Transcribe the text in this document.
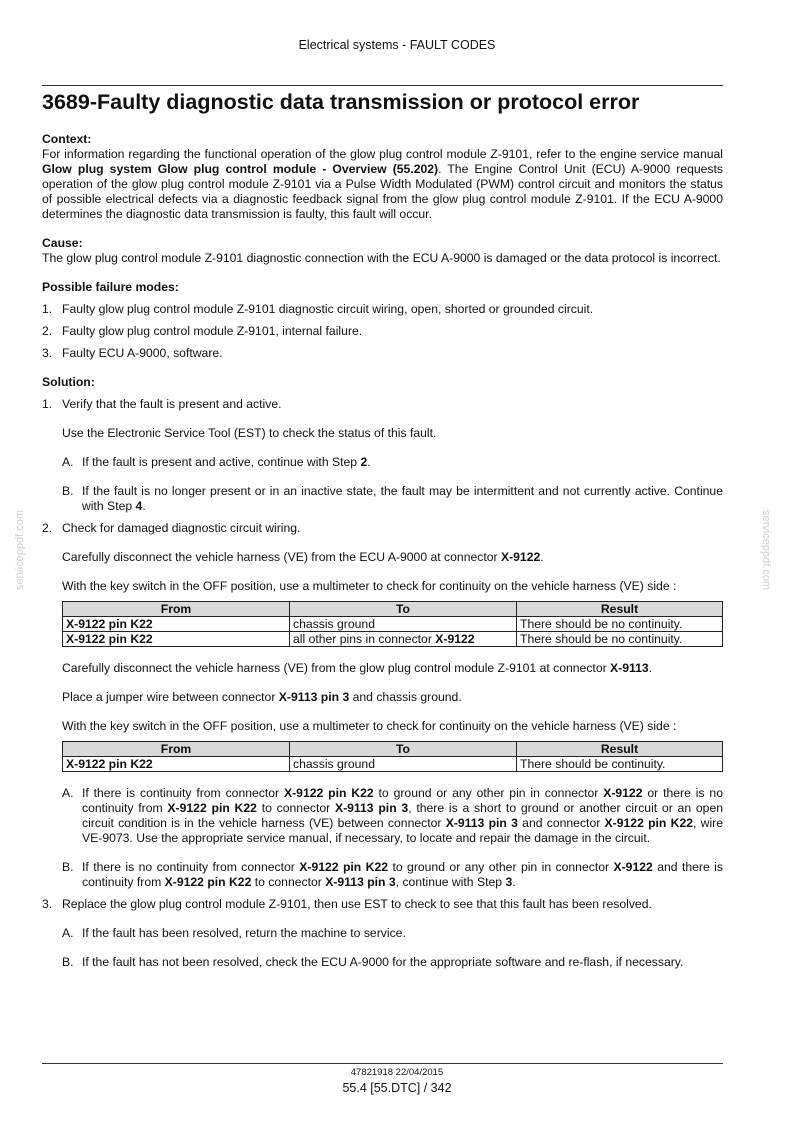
Electrical systems - FAULT CODES
3689-Faulty diagnostic data transmission or protocol error
serviceppdf.com	serviceppdf.com

Context:

For information regarding the functional operation of the glow plug control module Z-9101, refer to the engine service manual Glow plug system Glow plug control module - Overview (55.202). The Engine Control Unit (ECU) A-9000 requests operation of the glow plug control module Z-9101 via a Pulse Width Modulated (PWM) control circuit and monitors the status of possible electrical defects via a diagnostic feedback signal from the glow plug control module Z-9101. If the ECU A-9000 determines the diagnostic data transmission is faulty, this fault will occur.

Cause:

The glow plug control module Z-9101 diagnostic connection with the ECU A-9000 is damaged or the data protocol is incorrect.

Possible failure modes:

1. Faulty glow plug control module Z-9101 diagnostic circuit wiring, open, shorted or grounded circuit.
2. Faulty glow plug control module Z-9101, internal failure.
3. Faulty ECU A-9000, software.

Solution:

1. Verify that the fault is present and active.

Use the Electronic Service Tool (EST) to check the status of this fault.

A. If the fault is present and active, continue with Step 2.
B. If the fault is no longer present or in an inactive state, the fault may be intermittent and not currently active. Continue with Step 4.
2. Check for damaged diagnostic circuit wiring.

Carefully disconnect the vehicle harness (VE) from the ECU A-9000 at connector X-9122.

With the key switch in the OFF position, use a multimeter to check for continuity on the vehicle harness (VE) side :

From	To	Result
X-9122 pin K22	chassis ground	There should be no continuity.
X-9122 pin K22	all other pins in connector X-9122	There should be no continuity.

Carefully disconnect the vehicle harness (VE) from the glow plug control module Z-9101 at connector X-9113.

Place a jumper wire between connector X-9113 pin 3 and chassis ground.

With the key switch in the OFF position, use a multimeter to check for continuity on the vehicle harness (VE) side :

From	To	Result
X-9122 pin K22	chassis ground	There should be continuity.
A. If there is continuity from connector X-9122 pin K22 to ground or any other pin in connector X-9122 or there is no continuity from X-9122 pin K22 to connector X-9113 pin 3, there is a short to ground or another circuit or an open circuit condition is in the vehicle harness (VE) between connector X-9113 pin 3 and connector X-9122 pin K22, wire VE-9073. Use the appropriate service manual, if necessary, to locate and repair the damage in the circuit.
B. If there is no continuity from connector X-9122 pin K22 to ground or any other pin in connector X-9122 and there is continuity from X-9122 pin K22 to connector X-9113 pin 3, continue with Step 3.
3. Replace the glow plug control module Z-9101, then use EST to check to see that this fault has been resolved.
A. If the fault has been resolved, return the machine to service.
B. If the fault has not been resolved, check the ECU A-9000 for the appropriate software and re-flash, if necessary.
47821918 22/04/2015
55.4 [55.DTC] / 342
